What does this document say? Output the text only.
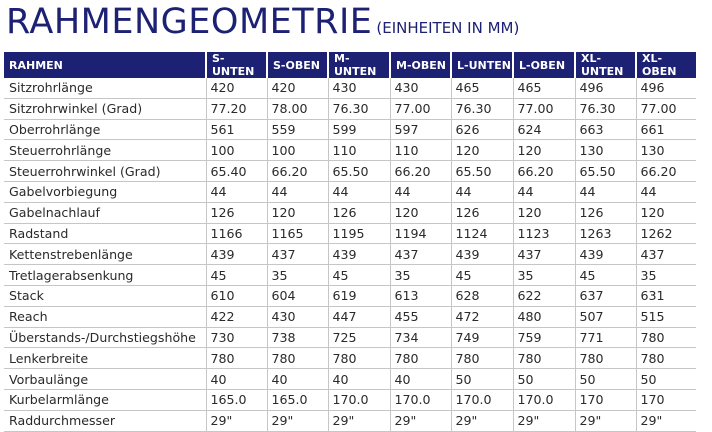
RAHMENGEOMETRIE (EINHEITEN IN MM)
RAHMEN	S-UNTEN	S-OBEN	M-UNTEN	M-OBEN	L-UNTEN	L-OBEN	XL-UNTEN	XL-OBEN
Sitzrohrlänge	420	420	430	430	465	465	496	496
Sitzrohrwinkel (Grad)	77.20	78.00	76.30	77.00	76.30	77.00	76.30	77.00
Oberrohrlänge	561	559	599	597	626	624	663	661
Steuerrohrlänge	100	100	110	110	120	120	130	130
Steuerrohrwinkel (Grad)	65.40	66.20	65.50	66.20	65.50	66.20	65.50	66.20
Gabelvorbiegung	44	44	44	44	44	44	44	44
Gabelnachlauf	126	120	126	120	126	120	126	120
Radstand	1166	1165	1195	1194	1124	1123	1263	1262
Kettenstrebenlänge	439	437	439	437	439	437	439	437
Tretlagerabsenkung	45	35	45	35	45	35	45	35
Stack	610	604	619	613	628	622	637	631
Reach	422	430	447	455	472	480	507	515
Überstands-/Durchstiegshöhe	730	738	725	734	749	759	771	780
Lenkerbreite	780	780	780	780	780	780	780	780
Vorbaulänge	40	40	40	40	50	50	50	50
Kurbelarmlänge	165.0	165.0	170.0	170.0	170.0	170.0	170	170
Raddurchmesser	29"	29"	29"	29"	29"	29"	29"	29"
